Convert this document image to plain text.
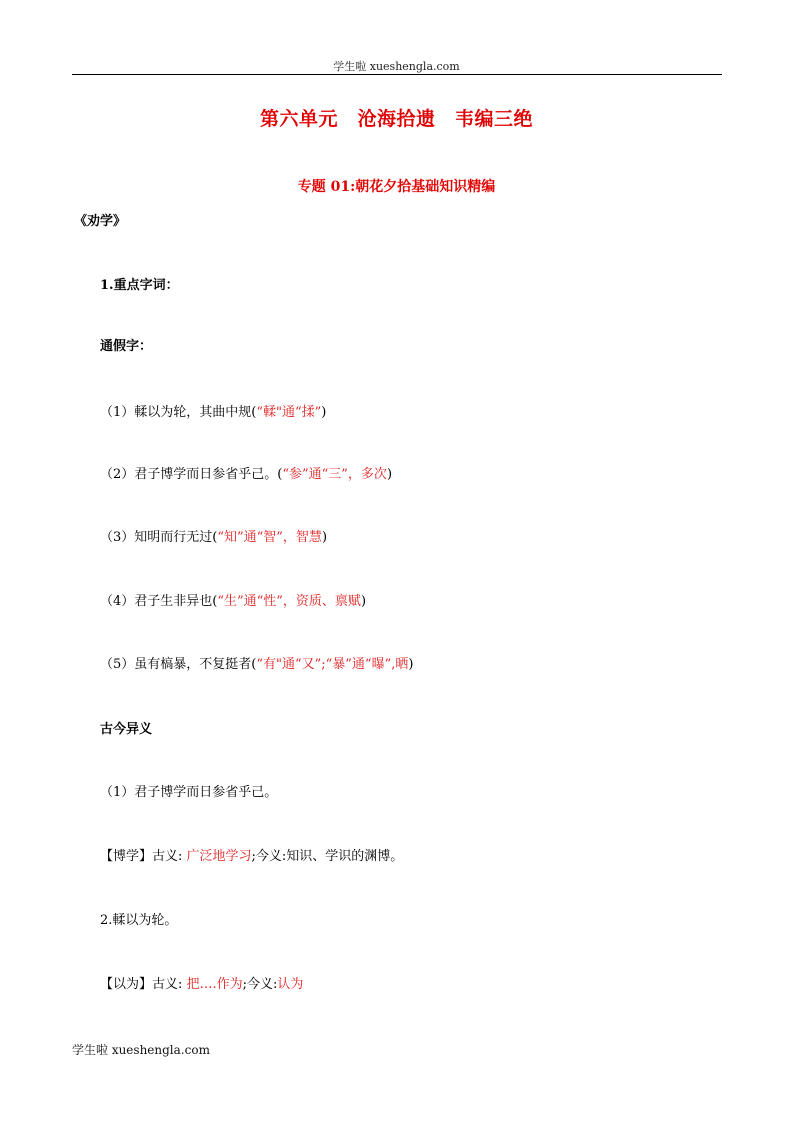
学生啦 xueshengla.com
第六单元　沧海拾遗　韦编三绝
专题 01:朝花夕拾基础知识精编
《劝学》
1.重点字词：
通假字：
（1）輮以为轮，其曲中规(“輮"通“揉”)
（2）君子博学而日参省乎己。(“参”通“三”，多次)
（3）知明而行无过(“知”通“智”，智慧)
（4）君子生非异也(“生”通“性”，资质、禀赋)
（5）虽有槁暴，不复挺者(“有"通“又”;“暴”通“曝”,晒)
古今异义
（1）君子博学而日参省乎己。
【博学】古义: 广泛地学习;今义:知识、学识的渊博。
2.輮以为轮。
【以为】古义: 把….作为;今义:认为
学生啦 xueshengla.com
